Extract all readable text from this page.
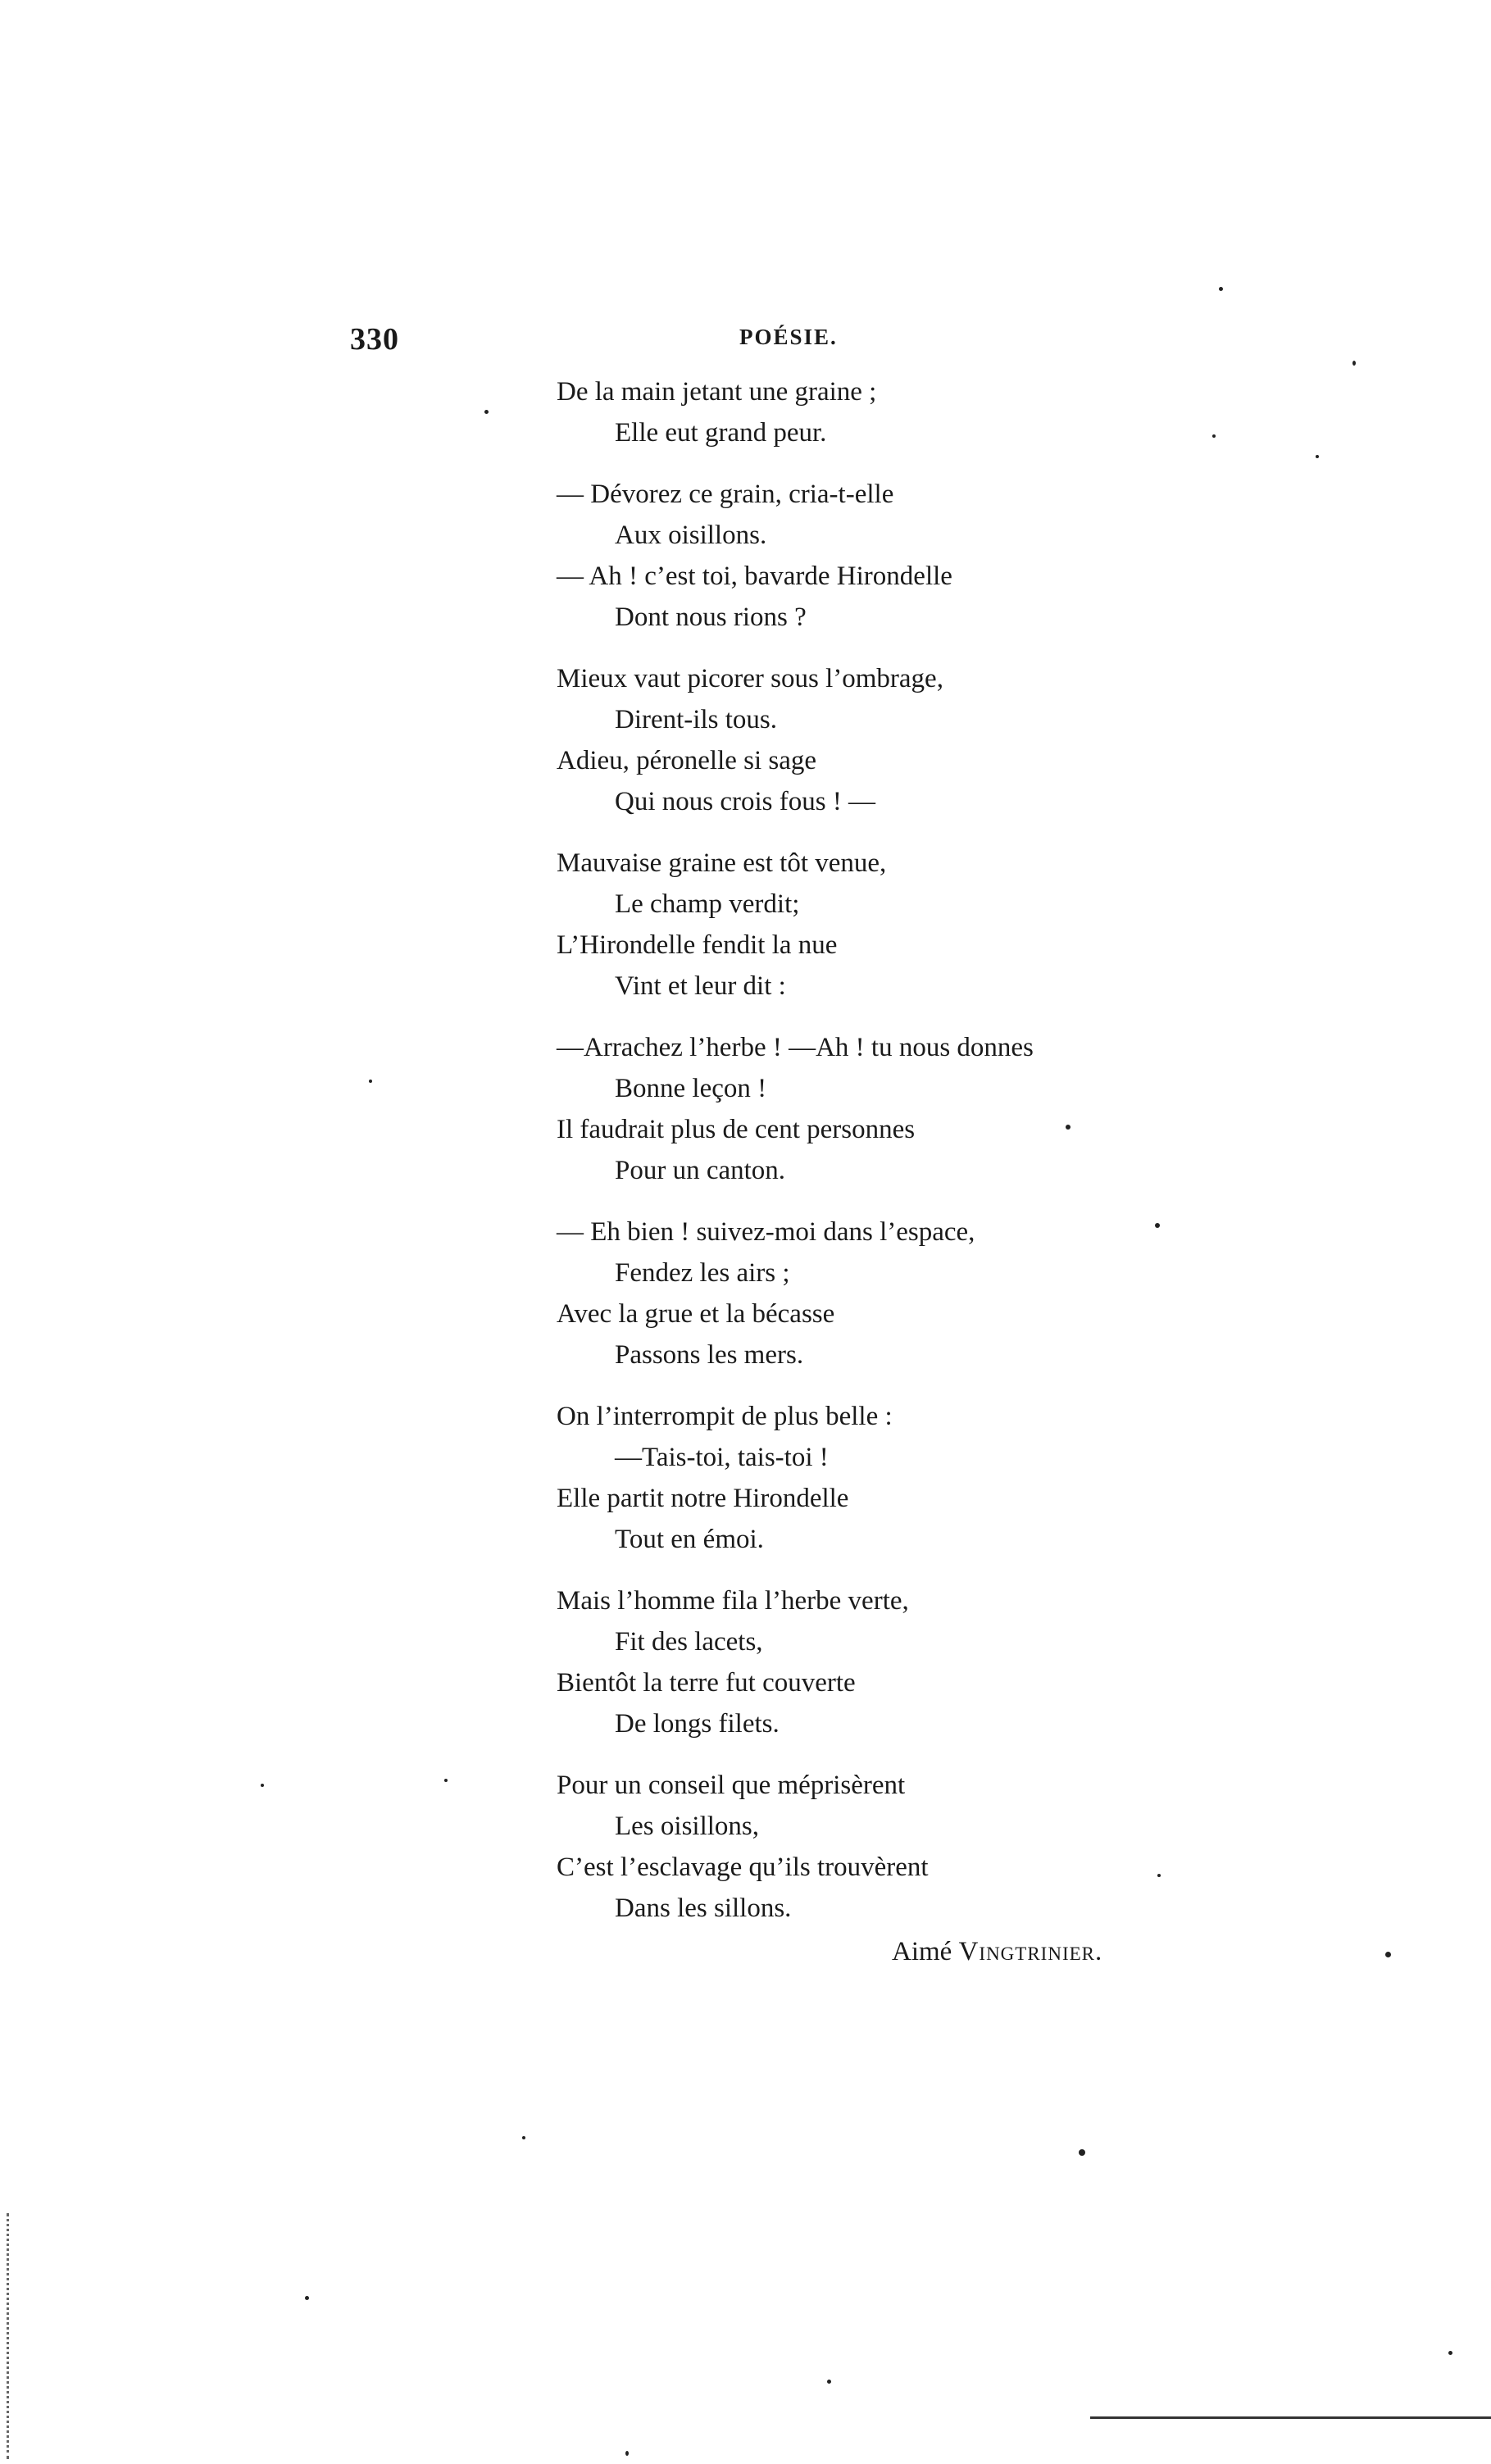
330	POÉSIE.
De la main jetant une graine ;
Elle eut grand peur.
— Dévorez ce grain, cria-t-elle
Aux oisillons.
— Ah ! c’est toi, bavarde Hirondelle
Dont nous rions ?
Mieux vaut picorer sous l’ombrage,
Dirent-ils tous.
Adieu, péronelle si sage
Qui nous crois fous ! —
Mauvaise graine est tôt venue,
Le champ verdit;
L’Hirondelle fendit la nue
Vint et leur dit :
—Arrachez l’herbe ! —Ah ! tu nous donnes
Bonne leçon !
Il faudrait plus de cent personnes
Pour un canton.
— Eh bien ! suivez-moi dans l’espace,
Fendez les airs ;
Avec la grue et la bécasse
Passons les mers.
On l’interrompit de plus belle :
—Tais-toi, tais-toi !
Elle partit notre Hirondelle
Tout en émoi.
Mais l’homme fila l’herbe verte,
Fit des lacets,
Bientôt la terre fut couverte
De longs filets.
Pour un conseil que méprisèrent
Les oisillons,
C’est l’esclavage qu’ils trouvèrent
Dans les sillons.
Aimé Vingtrinier.
